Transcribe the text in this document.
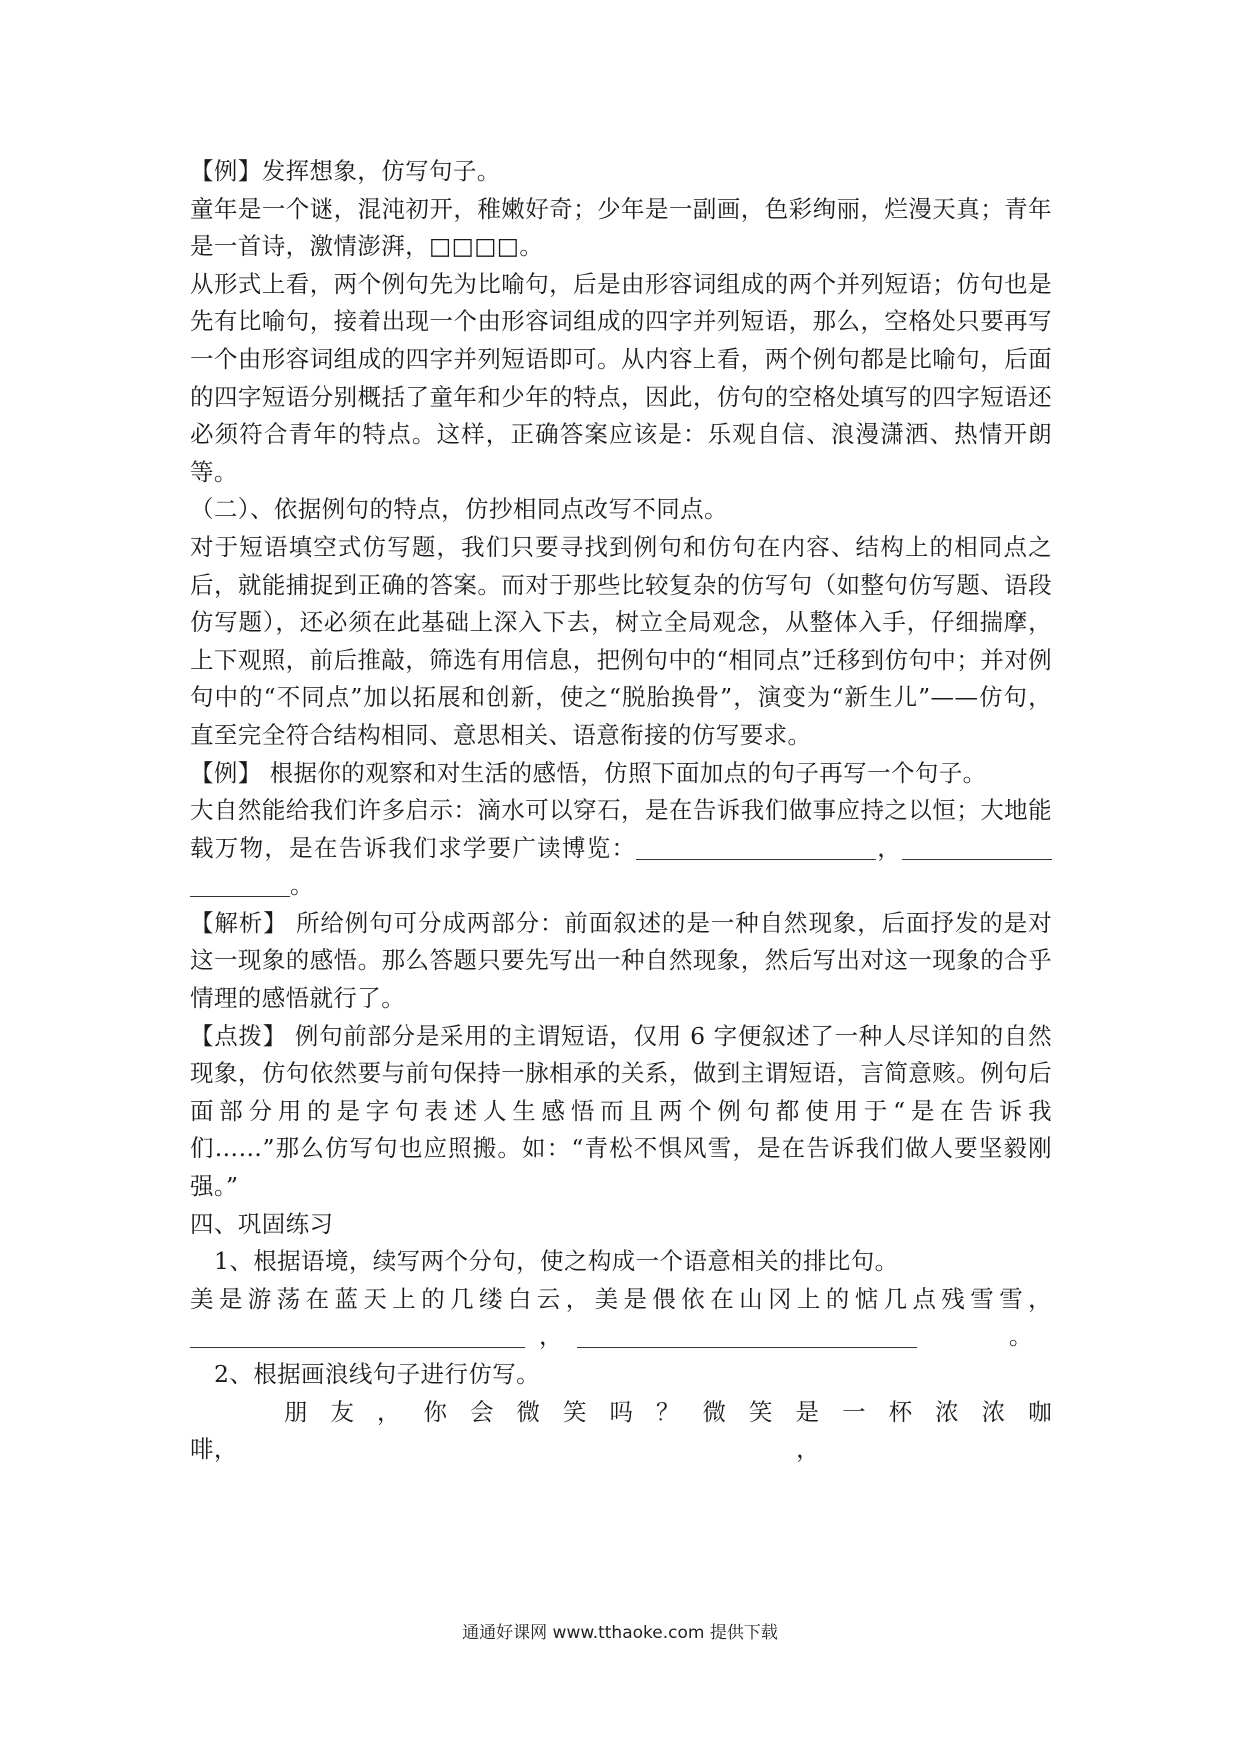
【例】发挥想象，仿写句子。

童年是一个谜，混沌初开，稚嫩好奇；少年是一副画，色彩绚丽，烂漫天真；青年是一首诗，激情澎湃，□□□□。

从形式上看，两个例句先为比喻句，后是由形容词组成的两个并列短语；仿句也是先有比喻句，接着出现一个由形容词组成的四字并列短语，那么，空格处只要再写一个由形容词组成的四字并列短语即可。从内容上看，两个例句都是比喻句，后面的四字短语分别概括了童年和少年的特点，因此，仿句的空格处填写的四字短语还必须符合青年的特点。这样，正确答案应该是：乐观自信、浪漫潇洒、热情开朗等。

（二）、依据例句的特点，仿抄相同点改写不同点。

对于短语填空式仿写题，我们只要寻找到例句和仿句在内容、结构上的相同点之后，就能捕捉到正确的答案。而对于那些比较复杂的仿写句（如整句仿写题、语段仿写题），还必须在此基础上深入下去，树立全局观念，从整体入手，仔细揣摩，上下观照，前后推敲，筛选有用信息，把例句中的“相同点”迁移到仿句中；并对例句中的“不同点”加以拓展和创新，使之“脱胎换骨”，演变为“新生儿”——仿句，直至完全符合结构相同、意思相关、语意衔接的仿写要求。

【例】 根据你的观察和对生活的感悟，仿照下面加点的句子再写一个句子。

大自然能给我们许多启示：滴水可以穿石，是在告诉我们做事应持之以恒；大地能载万物，是在告诉我们求学要广读博览：	，。

【解析】 所给例句可分成两部分：前面叙述的是一种自然现象，后面抒发的是对这一现象的感悟。那么答题只要先写出一种自然现象，然后写出对这一现象的合乎情理的感悟就行了。

【点拨】 例句前部分是采用的主谓短语，仅用 6 字便叙述了一种人尽详知的自然现象，仿句依然要与前句保持一脉相承的关系，做到主谓短语，言简意赅。例句后面部分用的是字句表述人生感悟而且两个例句都使用于“是在告诉我

们……”那么仿写句也应照搬。如：“青松不惧风雪，是在告诉我们做人要坚毅刚强。”

四、巩固练习

1、根据语境，续写两个分句，使之构成一个语意相关的排比句。

美是游荡在蓝天上的几缕白云，美是偎依在山冈上的惦几点残雪雪，

，	。

2、根据画浪线句子进行仿写。

朋友，你会微笑吗？微笑是一杯浓浓咖

啡，	，

通通好课网 www.tthaoke.com 提供下载
